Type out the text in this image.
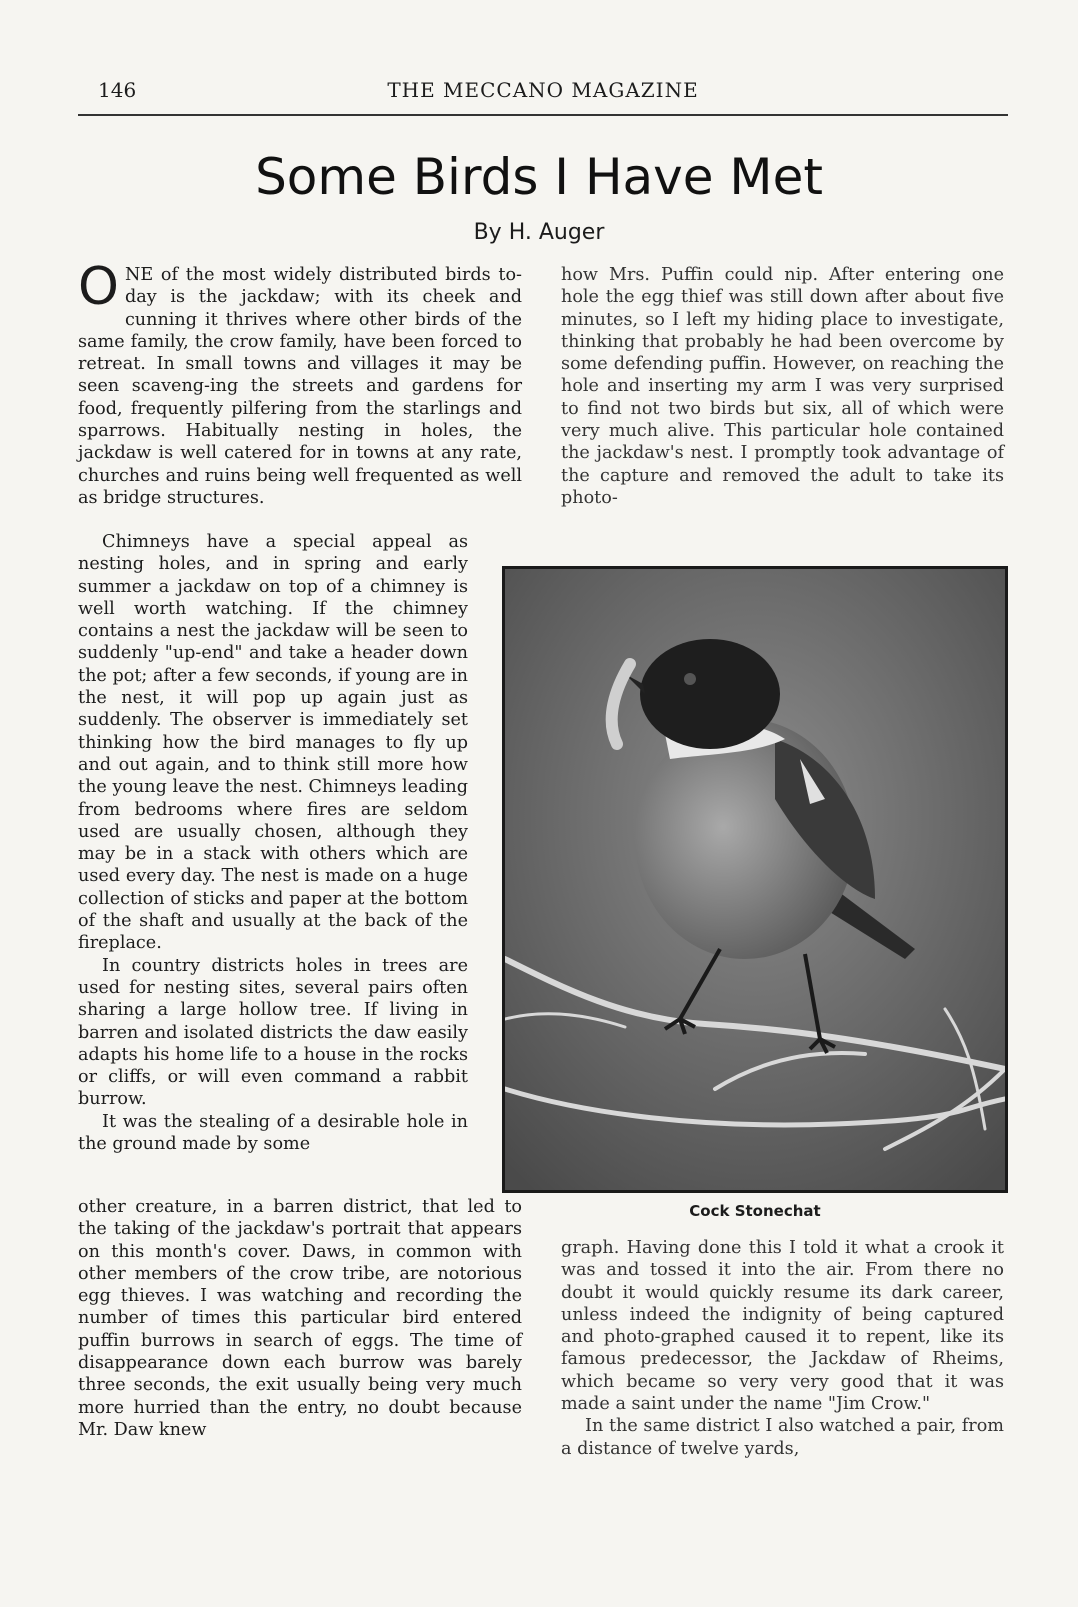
146	THE MECCANO MAGAZINE
Some Birds I Have Met
By H. Auger

ONE of the most widely distributed birds to-day is the jackdaw; with its cheek and cunning it thrives where other birds of the same family, the crow family, have been forced to retreat. In small towns and villages it may be seen scaveng-ing the streets and gardens for food, frequently pilfering from the starlings and sparrows. Habitually nesting in holes, the jackdaw is well catered for in towns at any rate, churches and ruins being well frequented as well as bridge structures.

Chimneys have a special appeal as nesting holes, and in spring and early summer a jackdaw on top of a chimney is well worth watching. If the chimney contains a nest the jackdaw will be seen to suddenly "up-end" and take a header down the pot; after a few seconds, if young are in the nest, it will pop up again just as suddenly. The observer is immediately set thinking how the bird manages to fly up and out again, and to think still more how the young leave the nest. Chimneys leading from bedrooms where fires are seldom used are usually chosen, although they may be in a stack with others which are used every day. The nest is made on a huge collection of sticks and paper at the bottom of the shaft and usually at the back of the fireplace.

In country districts holes in trees are used for nesting sites, several pairs often sharing a large hollow tree. If living in barren and isolated districts the daw easily adapts his home life to a house in the rocks or cliffs, or will even command a rabbit burrow.

It was the stealing of a desirable hole in the ground made by some

other creature, in a barren district, that led to the taking of the jackdaw's portrait that appears on this month's cover. Daws, in common with other members of the crow tribe, are notorious egg thieves. I was watching and recording the number of times this particular bird entered puffin burrows in search of eggs. The time of disappearance down each burrow was barely three seconds, the exit usually being very much more hurried than the entry, no doubt because Mr. Daw knew

how Mrs. Puffin could nip. After entering one hole the egg thief was still down after about five minutes, so I left my hiding place to investigate, thinking that probably he had been overcome by some defending puffin. However, on reaching the hole and inserting my arm I was very surprised to find not two birds but six, all of which were very much alive. This particular hole contained the jackdaw's nest. I promptly took advantage of the capture and removed the adult to take its photo-

Cock Stonechat

graph. Having done this I told it what a crook it was and tossed it into the air. From there no doubt it would quickly resume its dark career, unless indeed the indignity of being captured and photo-graphed caused it to repent, like its famous predecessor, the Jackdaw of Rheims, which became so very very good that it was made a saint under the name "Jim Crow."

In the same district I also watched a pair, from a distance of twelve yards,
